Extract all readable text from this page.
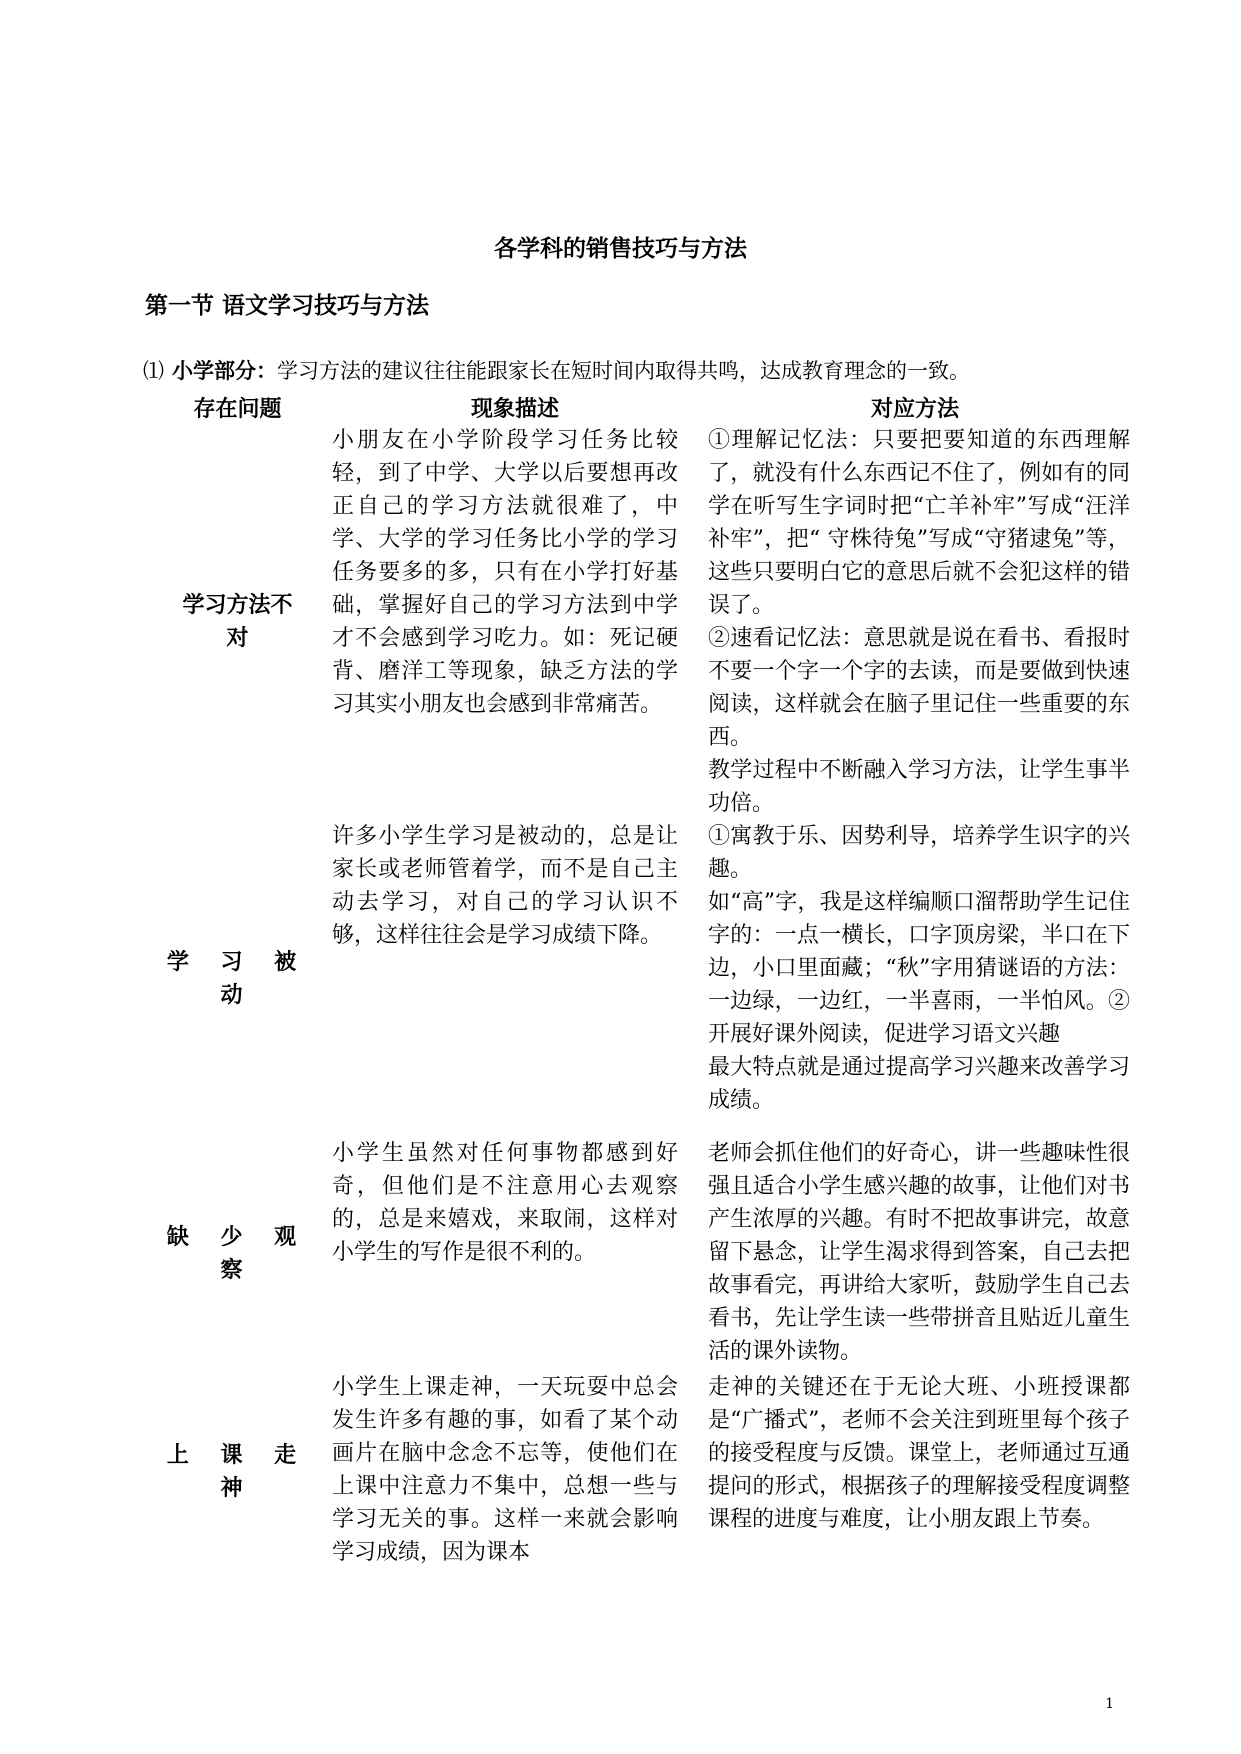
各学科的销售技巧与方法
第一节 语文学习技巧与方法

⑴ 小学部分：学习方法的建议往往能跟家长在短时间内取得共鸣，达成教育理念的一致。

存在问题	现象描述	对应方法

学习方法不对	小朋友在小学阶段学习任务比较轻，到了中学、大学以后要想再改正自己的学习方法就很难了，中学、大学的学习任务比小学的学习任务要多的多，只有在小学打好基础，掌握好自己的学习方法到中学才不会感到学习吃力。如：死记硬背、磨洋工等现象，缺乏方法的学习其实小朋友也会感到非常痛苦。	①理解记忆法：只要把要知道的东西理解了，就没有什么东西记不住了，例如有的同学在听写生字词时把“亡羊补牢”写成“汪洋补牢”，把“ 守株待兔”写成“守猪逮兔”等，这些只要明白它的意思后就不会犯这样的错误了。
②速看记忆法：意思就是说在看书、看报时不要一个字一个字的去读，而是要做到快速阅读，这样就会在脑子里记住一些重要的东西。
教学过程中不断融入学习方法，让学生事半功倍。

学 习 被 动	许多小学生学习是被动的，总是让家长或老师管着学，而不是自己主动去学习，对自己的学习认识不够，这样往往会是学习成绩下降。	①寓教于乐、因势利导，培养学生识字的兴趣。
如“高”字，我是这样编顺口溜帮助学生记住字的：一点一横长，口字顶房梁，半口在下边，小口里面藏；“秋”字用猜谜语的方法：一边绿，一边红，一半喜雨，一半怕风。②开展好课外阅读，促进学习语文兴趣
最大特点就是通过提高学习兴趣来改善学习成绩。

缺 少 观 察	小学生虽然对任何事物都感到好奇，但他们是不注意用心去观察的，总是来嬉戏，来取闹，这样对小学生的写作是很不利的。	老师会抓住他们的好奇心，讲一些趣味性很强且适合小学生感兴趣的故事，让他们对书产生浓厚的兴趣。有时不把故事讲完，故意留下悬念，让学生渴求得到答案，自己去把故事看完，再讲给大家听，鼓励学生自己去看书，先让学生读一些带拼音且贴近儿童生活的课外读物。

上 课 走 神	小学生上课走神，一天玩耍中总会发生许多有趣的事，如看了某个动画片在脑中念念不忘等，使他们在上课中注意力不集中，总想一些与学习无关的事。这样一来就会影响学习成绩，因为课本	走神的关键还在于无论大班、小班授课都是“广播式”，老师不会关注到班里每个孩子的接受程度与反馈。课堂上，老师通过互通提问的形式，根据孩子的理解接受程度调整课程的进度与难度，让小朋友跟上节奏。

1
